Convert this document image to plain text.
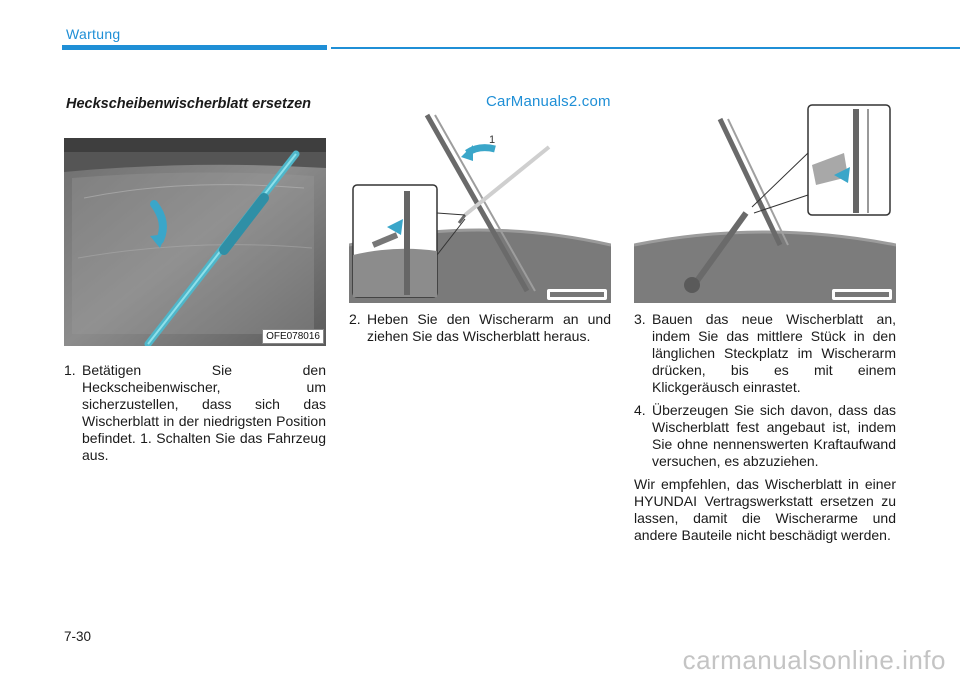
Wartung
Heckscheibenwischerblatt ersetzen
OFE078016
1
CarManuals2.com
1. Betätigen Sie den Heckscheibenwischer, um sicherzustellen, dass sich das Wischerblatt in der niedrigsten Position befindet. 1. Schalten Sie das Fahrzeug aus.
2. Heben Sie den Wischerarm an und ziehen Sie das Wischerblatt heraus.
3. Bauen das neue Wischerblatt an, indem Sie das mittlere Stück in den länglichen Steckplatz im Wischerarm drücken, bis es mit einem Klickgeräusch einrastet.
4. Überzeugen Sie sich davon, dass das Wischerblatt fest angebaut ist, indem Sie ohne nennenswerten Kraftaufwand versuchen, es abzuziehen.
Wir empfehlen, das Wischerblatt in einer HYUNDAI Vertragswerkstatt ersetzen zu lassen, damit die Wischerarme und andere Bauteile nicht beschädigt werden.
7-30
carmanualsonline.info
